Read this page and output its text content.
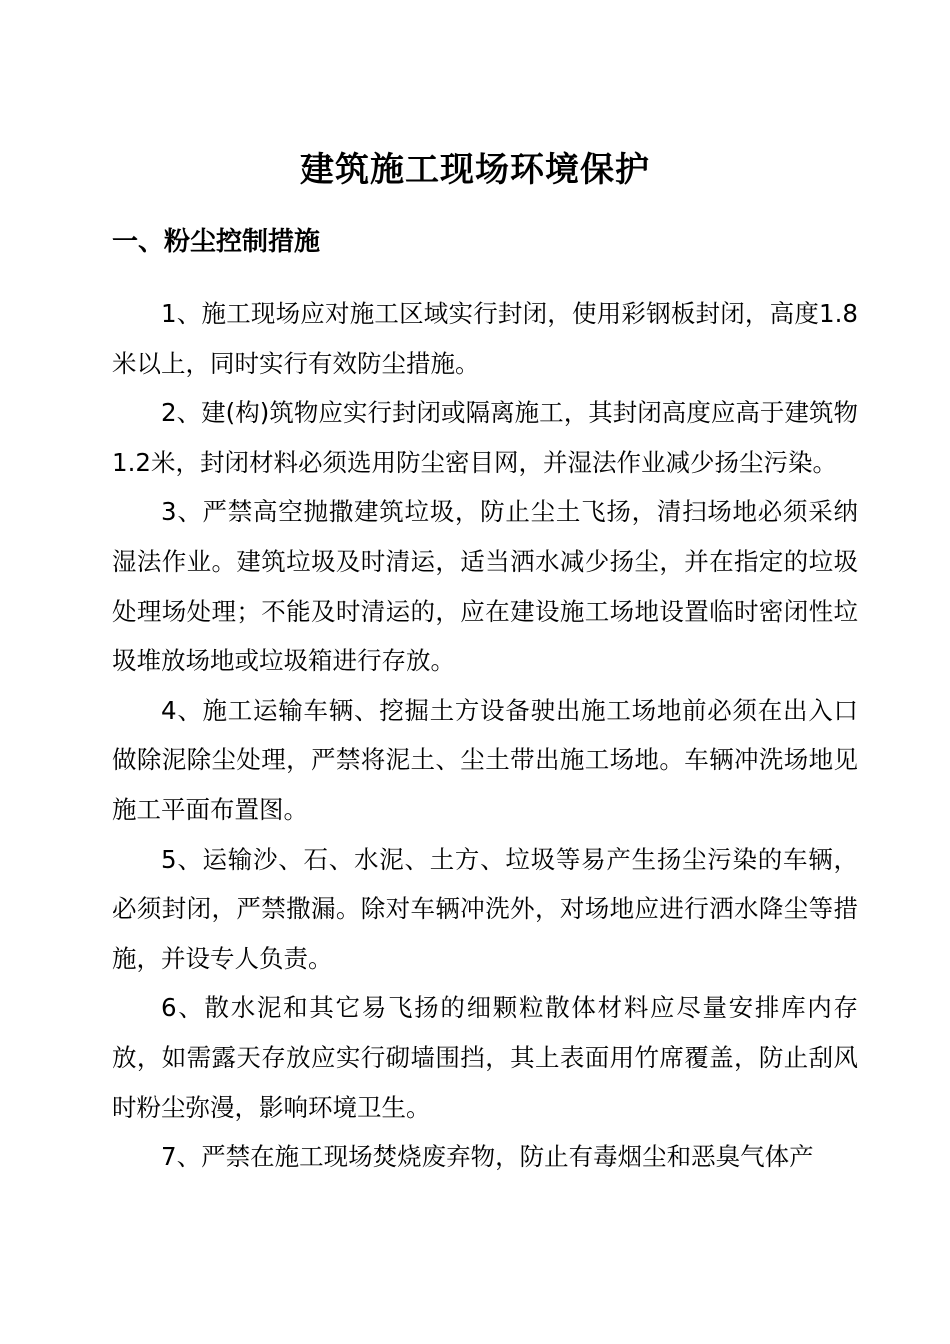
建筑施工现场环境保护
一、粉尘控制措施

1、施工现场应对施工区域实行封闭，使用彩钢板封闭，高度1.8米以上，同时实行有效防尘措施。

2、建(构)筑物应实行封闭或隔离施工，其封闭高度应高于建筑物1.2米，封闭材料必须选用防尘密目网，并湿法作业减少扬尘污染。

3、严禁高空抛撒建筑垃圾，防止尘土飞扬，清扫场地必须采纳湿法作业。建筑垃圾及时清运，适当洒水减少扬尘，并在指定的垃圾处理场处理；不能及时清运的，应在建设施工场地设置临时密闭性垃圾堆放场地或垃圾箱进行存放。

4、施工运输车辆、挖掘土方设备驶出施工场地前必须在出入口做除泥除尘处理，严禁将泥土、尘土带出施工场地。车辆冲洗场地见施工平面布置图。

5、运输沙、石、水泥、土方、垃圾等易产生扬尘污染的车辆，必须封闭，严禁撒漏。除对车辆冲洗外，对场地应进行洒水降尘等措施，并设专人负责。

6、散水泥和其它易飞扬的细颗粒散体材料应尽量安排库内存放，如需露天存放应实行砌墙围挡，其上表面用竹席覆盖，防止刮风时粉尘弥漫，影响环境卫生。

7、严禁在施工现场焚烧废弃物，防止有毒烟尘和恶臭气体产
